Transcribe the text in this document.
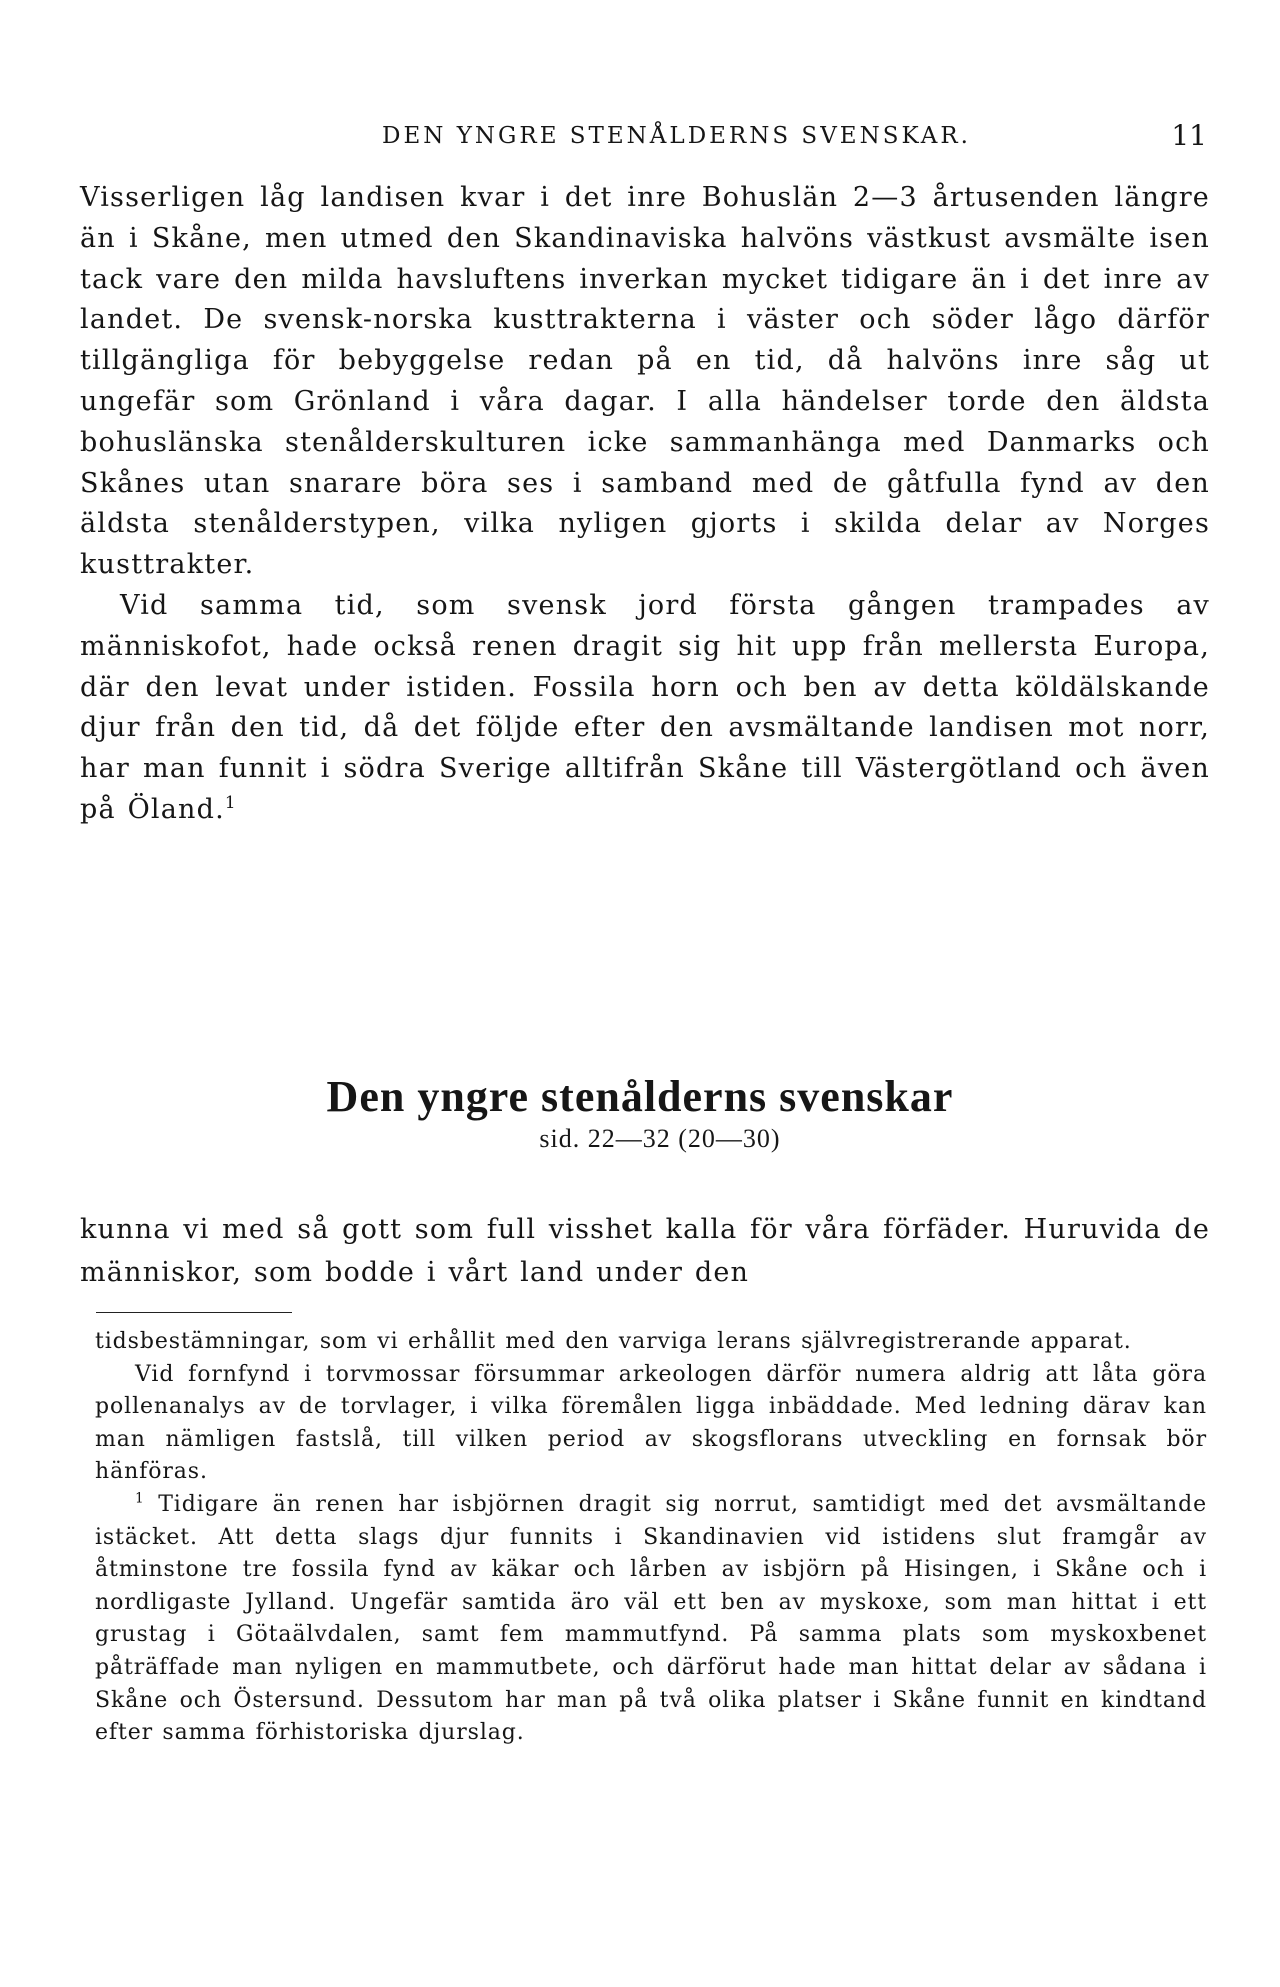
DEN YNGRE STENÅLDERNS SVENSKAR.	11

Visserligen låg landisen kvar i det inre Bohuslän 2—3 årtusenden längre än i Skåne, men utmed den Skandinaviska halvöns västkust avsmälte isen tack vare den milda havsluftens inverkan mycket tidigare än i det inre av landet. De svensk-norska kusttrakterna i väster och söder lågo därför tillgängliga för bebyggelse redan på en tid, då halvöns inre såg ut ungefär som Grönland i våra dagar. I alla händelser torde den äldsta bohuslänska stenålderskulturen icke sammanhänga med Danmarks och Skånes utan snarare böra ses i samband med de gåtfulla fynd av den äldsta stenålderstypen, vilka nyligen gjorts i skilda delar av Norges kusttrakter.

Vid samma tid, som svensk jord första gången trampades av människofot, hade också renen dragit sig hit upp från mellersta Europa, där den levat under istiden. Fossila horn och ben av detta köldälskande djur från den tid, då det följde efter den avsmältande landisen mot norr, har man funnit i södra Sverige alltifrån Skåne till Västergötland och även på Öland.$^1$

Den yngre stenålderns svenskar
sid. 22—32 (20—30)

kunna vi med så gott som full visshet kalla för våra förfäder. Huruvida de människor, som bodde i vårt land under den

tidsbestämningar, som vi erhållit med den varviga lerans självregistrerande apparat.

Vid fornfynd i torvmossar försummar arkeologen därför numera aldrig att låta göra pollenanalys av de torvlager, i vilka föremålen ligga inbäddade. Med ledning därav kan man nämligen fastslå, till vilken period av skogsflorans utveckling en fornsak bör hänföras.

$^1$ Tidigare än renen har isbjörnen dragit sig norrut, samtidigt med det avsmältande istäcket. Att detta slags djur funnits i Skandinavien vid istidens slut framgår av åtminstone tre fossila fynd av käkar och lårben av isbjörn på Hisingen, i Skåne och i nordligaste Jylland. Ungefär samtida äro väl ett ben av myskoxe, som man hittat i ett grustag i Götaälvdalen, samt fem mammutfynd. På samma plats som myskoxbenet påträffade man nyligen en mammutbete, och därförut hade man hittat delar av sådana i Skåne och Östersund. Dessutom har man på två olika platser i Skåne funnit en kindtand efter samma förhistoriska djurslag.
